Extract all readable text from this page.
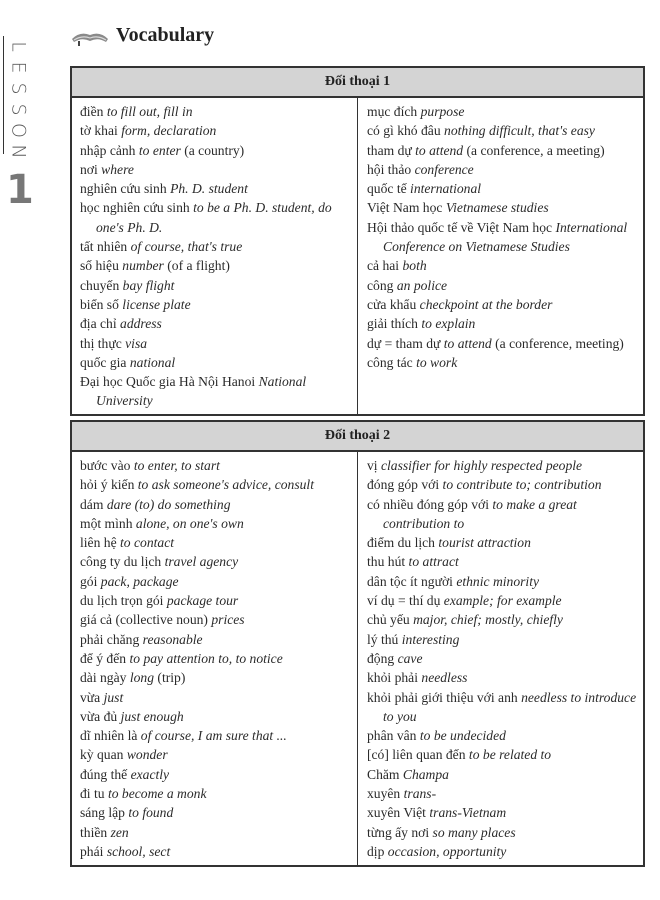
L
E
S
S
O
N
1
Vocabulary
Đối thoại 1
điền to fill out, fill in
tờ khai form, declaration
nhập cảnh to enter (a country)
nơi where
nghiên cứu sinh Ph. D. student
học nghiên cứu sinh to be a Ph. D. student, do one's Ph. D.
tất nhiên of course, that's true
số hiệu number (of a flight)
chuyến bay flight
biển số license plate
địa chỉ address
thị thực visa
quốc gia national
Đại học Quốc gia Hà Nội Hanoi National University
mục đích purpose
có gì khó đâu nothing difficult, that's easy
tham dự to attend (a conference, a meeting)
hội thảo conference
quốc tế international
Việt Nam học Vietnamese studies
Hội thảo quốc tế về Việt Nam học International Conference on Vietnamese Studies
cả hai both
công an police
cửa khẩu checkpoint at the border
giải thích to explain
dự = tham dự to attend (a conference, meeting)
công tác to work
Đối thoại 2
bước vào to enter, to start
hỏi ý kiến to ask someone's advice, consult
dám dare (to) do something
một mình alone, on one's own
liên hệ to contact
công ty du lịch travel agency
gói pack, package
du lịch trọn gói package tour
giá cả (collective noun) prices
phải chăng reasonable
để ý đến to pay attention to, to notice
dài ngày long (trip)
vừa just
vừa đủ just enough
dĩ nhiên là of course, I am sure that ...
kỳ quan wonder
đúng thế exactly
đi tu to become a monk
sáng lập to found
thiền zen
phái school, sect
vị classifier for highly respected people
đóng góp với to contribute to; contribution
có nhiều đóng góp với to make a great contribution to
điểm du lịch tourist attraction
thu hút to attract
dân tộc ít người ethnic minority
ví dụ = thí dụ example; for example
chủ yếu major, chief; mostly, chiefly
lý thú interesting
động cave
khỏi phải needless
khỏi phải giới thiệu với anh needless to introduce to you
phân vân to be undecided
[có] liên quan đến to be related to
Chăm Champa
xuyên trans-
xuyên Việt trans-Vietnam
từng ấy nơi so many places
dịp occasion, opportunity
